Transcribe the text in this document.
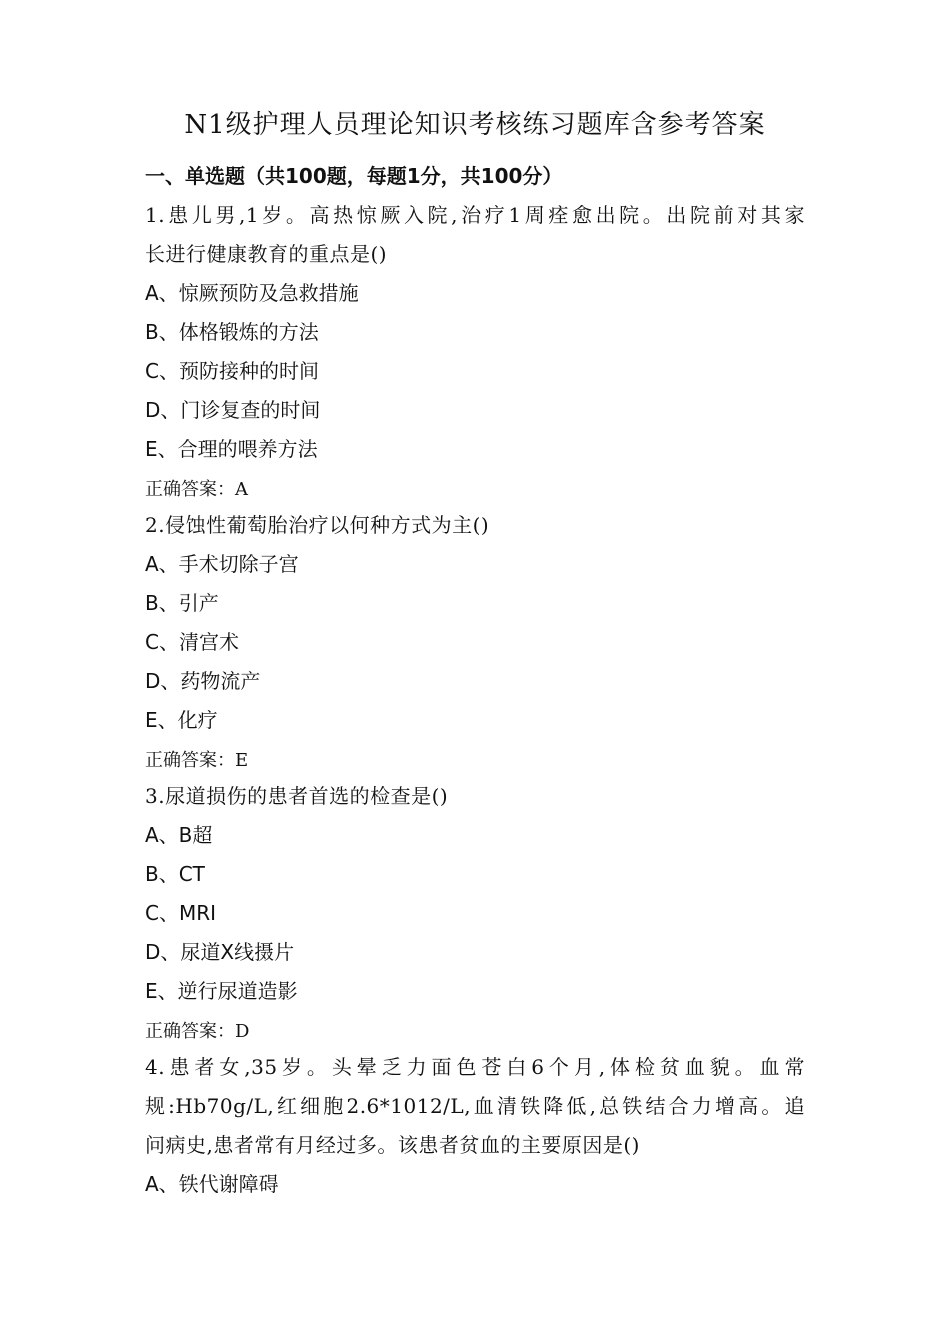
N1级护理人员理论知识考核练习题库含参考答案
一、单选题（共100题，每题1分，共100分）
1.患儿男,1岁。高热惊厥入院,治疗1周痊愈出院。出院前对其家
长进行健康教育的重点是()
A、惊厥预防及急救措施
B、体格锻炼的方法
C、预防接种的时间
D、门诊复查的时间
E、合理的喂养方法
正确答案：A
2.侵蚀性葡萄胎治疗以何种方式为主()
A、手术切除子宫
B、引产
C、清宫术
D、药物流产
E、化疗
正确答案：E
3.尿道损伤的患者首选的检查是()
A、B超
B、CT
C、MRI
D、尿道X线摄片
E、逆行尿道造影
正确答案：D
4.患者女,35岁。头晕乏力面色苍白6个月,体检贫血貌。血常
规:Hb70g/L,红细胞2.6*1012/L,血清铁降低,总铁结合力增高。追
问病史,患者常有月经过多。该患者贫血的主要原因是()
A、铁代谢障碍
